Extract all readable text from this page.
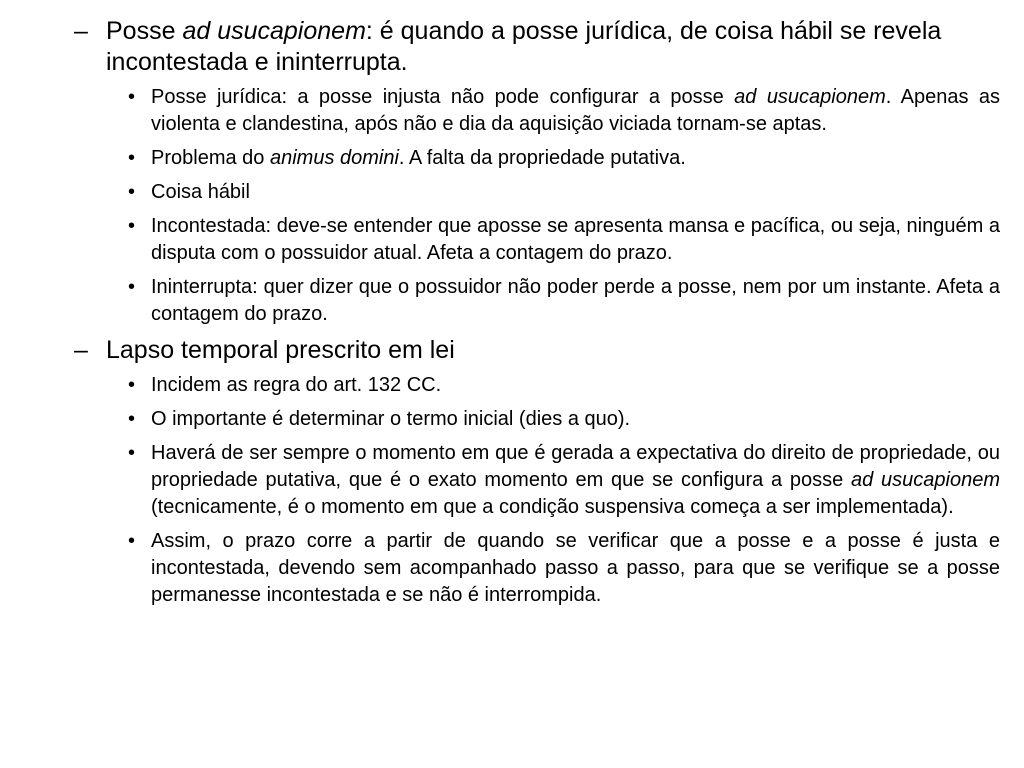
– Posse ad usucapionem: é quando a posse jurídica, de coisa hábil se revela incontestada e ininterrupta.
• Posse jurídica: a posse injusta não pode configurar a posse ad usucapionem. Apenas as violenta e clandestina, após não e dia da aquisição viciada tornam-se aptas.
• Problema do animus domini. A falta da propriedade putativa.
• Coisa hábil
• Incontestada: deve-se entender que aposse se apresenta mansa e pacífica, ou seja, ninguém a disputa com o possuidor atual. Afeta a contagem do prazo.
• Ininterrupta: quer dizer que o possuidor não poder perde a posse, nem por um instante. Afeta a contagem do prazo.
– Lapso temporal prescrito em lei
• Incidem as regra do art. 132 CC.
• O importante é determinar o termo inicial (dies a quo).
• Haverá de ser sempre o momento em que é gerada a expectativa do direito de propriedade, ou propriedade putativa, que é o exato momento em que se configura a posse ad usucapionem (tecnicamente, é o momento em que a condição suspensiva começa a ser implementada).
• Assim, o prazo corre a partir de quando se verificar que a posse e a posse é justa e incontestada, devendo sem acompanhado passo a passo, para que se verifique se a posse permanesse incontestada e se não é interrompida.
